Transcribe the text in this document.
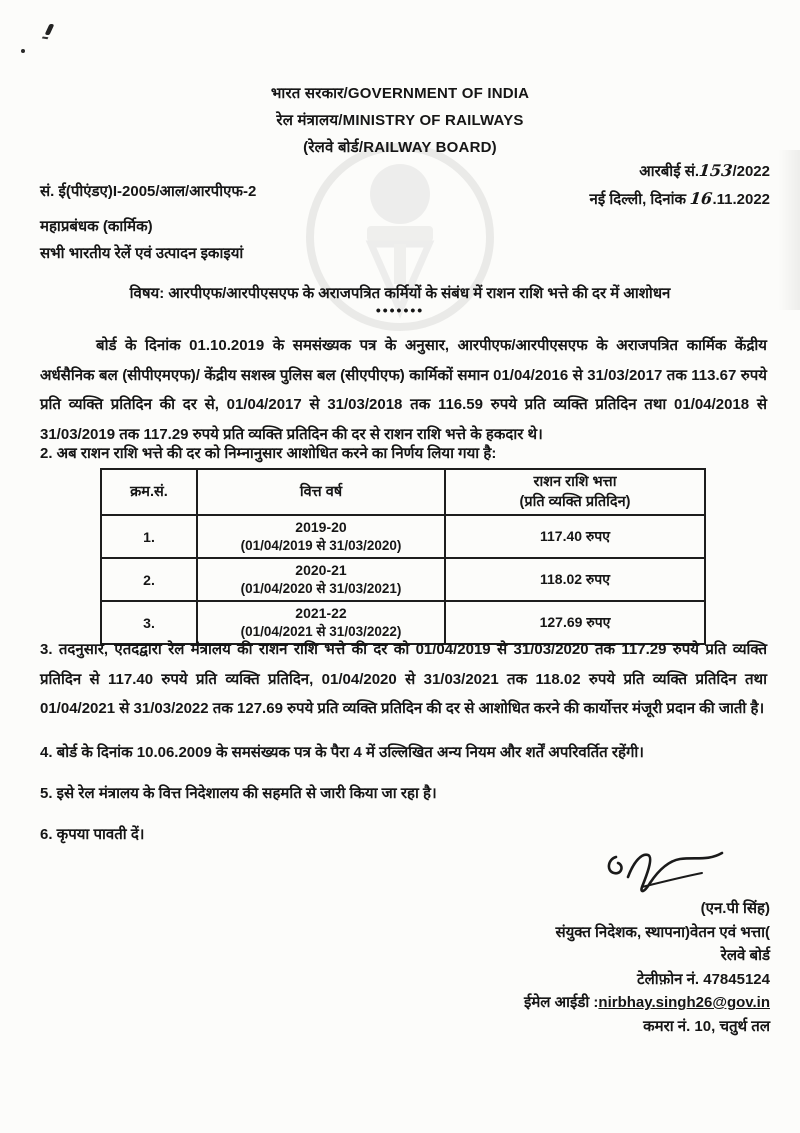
भारत सरकार/GOVERNMENT OF INDIA
रेल मंत्रालय/MINISTRY OF RAILWAYS
(रेलवे बोर्ड/RAILWAY BOARD)
आरबीई सं.153/2022
नई दिल्ली, दिनांक 16.11.2022
सं. ई(पीएंडए)I-2005/आल/आरपीएफ-2
महाप्रबंधक (कार्मिक)
सभी भारतीय रेलें एवं उत्पादन इकाइयां
विषय: आरपीएफ/आरपीएसएफ के अराजपत्रित कर्मियों के संबंध में राशन राशि भत्ते की दर में आशोधन
•••••••
बोर्ड के दिनांक 01.10.2019 के समसंख्यक पत्र के अनुसार, आरपीएफ/आरपीएसएफ के अराजपत्रित कार्मिक केंद्रीय अर्धसैनिक बल (सीपीएमएफ)/ केंद्रीय सशस्त्र पुलिस बल (सीएपीएफ) कार्मिकों समान 01/04/2016 से 31/03/2017 तक 113.67 रुपये प्रति व्यक्ति प्रतिदिन की दर से, 01/04/2017 से 31/03/2018 तक 116.59 रुपये प्रति व्यक्ति प्रतिदिन तथा 01/04/2018 से 31/03/2019 तक 117.29 रुपये प्रति व्यक्ति प्रतिदिन की दर से राशन राशि भत्ते के हकदार थे।
2. अब राशन राशि भत्ते की दर को निम्नानुसार आशोधित करने का निर्णय लिया गया है:
क्रम.सं.	वित्त वर्ष	राशन राशि भत्ता
(प्रति व्यक्ति प्रतिदिन)

1.	2019-20
(01/04/2019 से 31/03/2020)	117.40 रुपए
2.	2020-21
(01/04/2020 से 31/03/2021)	118.02 रुपए
3.	2021-22
(01/04/2021 से 31/03/2022)	127.69 रुपए
3. तदनुसार, एतदद्वारा रेल मंत्रालय की राशन राशि भत्ते की दर को 01/04/2019 से 31/03/2020 तक 117.29 रुपये प्रति व्यक्ति प्रतिदिन से 117.40 रुपये प्रति व्यक्ति प्रतिदिन, 01/04/2020 से 31/03/2021 तक 118.02 रुपये प्रति व्यक्ति प्रतिदिन तथा 01/04/2021 से 31/03/2022 तक 127.69 रुपये प्रति व्यक्ति प्रतिदिन की दर से आशोधित करने की कार्योत्तर मंजूरी प्रदान की जाती है।
4. बोर्ड के दिनांक 10.06.2009 के समसंख्यक पत्र के पैरा 4 में उल्लिखित अन्य नियम और शर्तें अपरिवर्तित रहेंगी।
5. इसे रेल मंत्रालय के वित्त निदेशालय की सहमति से जारी किया जा रहा है।
6. कृपया पावती दें।
(एन.पी सिंह)
संयुक्त निदेशक, स्थापना)वेतन एवं भत्ता(
रेलवे बोर्ड
टेलीफ़ोन नं. 47845124
ईमेल आईडी :nirbhay.singh26@gov.in
कमरा नं. 10, चतुर्थ तल
